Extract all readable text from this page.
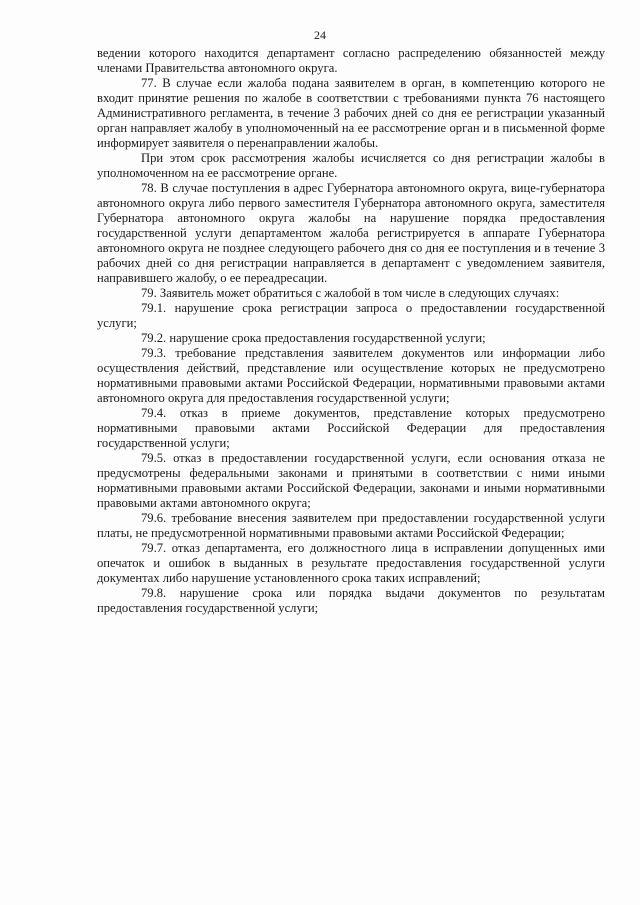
24

ведении которого находится департамент согласно распределению обязанностей между членами Правительства автономного округа.

77. В случае если жалоба подана заявителем в орган, в компетенцию которого не входит принятие решения по жалобе в соответствии с требованиями пункта 76 настоящего Административного регламента, в течение 3 рабочих дней со дня ее регистрации указанный орган направляет жалобу в уполномоченный на ее рассмотрение орган и в письменной форме информирует заявителя о перенаправлении жалобы.

При этом срок рассмотрения жалобы исчисляется со дня регистрации жалобы в уполномоченном на ее рассмотрение органе.

78. В случае поступления в адрес Губернатора автономного округа, вице-губернатора автономного округа либо первого заместителя Губернатора автономного округа, заместителя Губернатора автономного округа жалобы на нарушение порядка предоставления государственной услуги департаментом жалоба регистрируется в аппарате Губернатора автономного округа не позднее следующего рабочего дня со дня ее поступления и в течение 3 рабочих дней со дня регистрации направляется в департамент с уведомлением заявителя, направившего жалобу, о ее переадресации.

79. Заявитель может обратиться с жалобой в том числе в следующих случаях:

79.1. нарушение срока регистрации запроса о предоставлении государственной услуги;

79.2. нарушение срока предоставления государственной услуги;

79.3. требование представления заявителем документов или информации либо осуществления действий, представление или осуществление которых не предусмотрено нормативными правовыми актами Российской Федерации, нормативными правовыми актами автономного округа для предоставления государственной услуги;

79.4. отказ в приеме документов, представление которых предусмотрено нормативными правовыми актами Российской Федерации для предоставления государственной услуги;

79.5. отказ в предоставлении государственной услуги, если основания отказа не предусмотрены федеральными законами и принятыми в соответствии с ними иными нормативными правовыми актами Российской Федерации, законами и иными нормативными правовыми актами автономного округа;

79.6. требование внесения заявителем при предоставлении государственной услуги платы, не предусмотренной нормативными правовыми актами Российской Федерации;

79.7. отказ департамента, его должностного лица в исправлении допущенных ими опечаток и ошибок в выданных в результате предоставления государственной услуги документах либо нарушение установленного срока таких исправлений;

79.8. нарушение срока или порядка выдачи документов по результатам предоставления государственной услуги;
